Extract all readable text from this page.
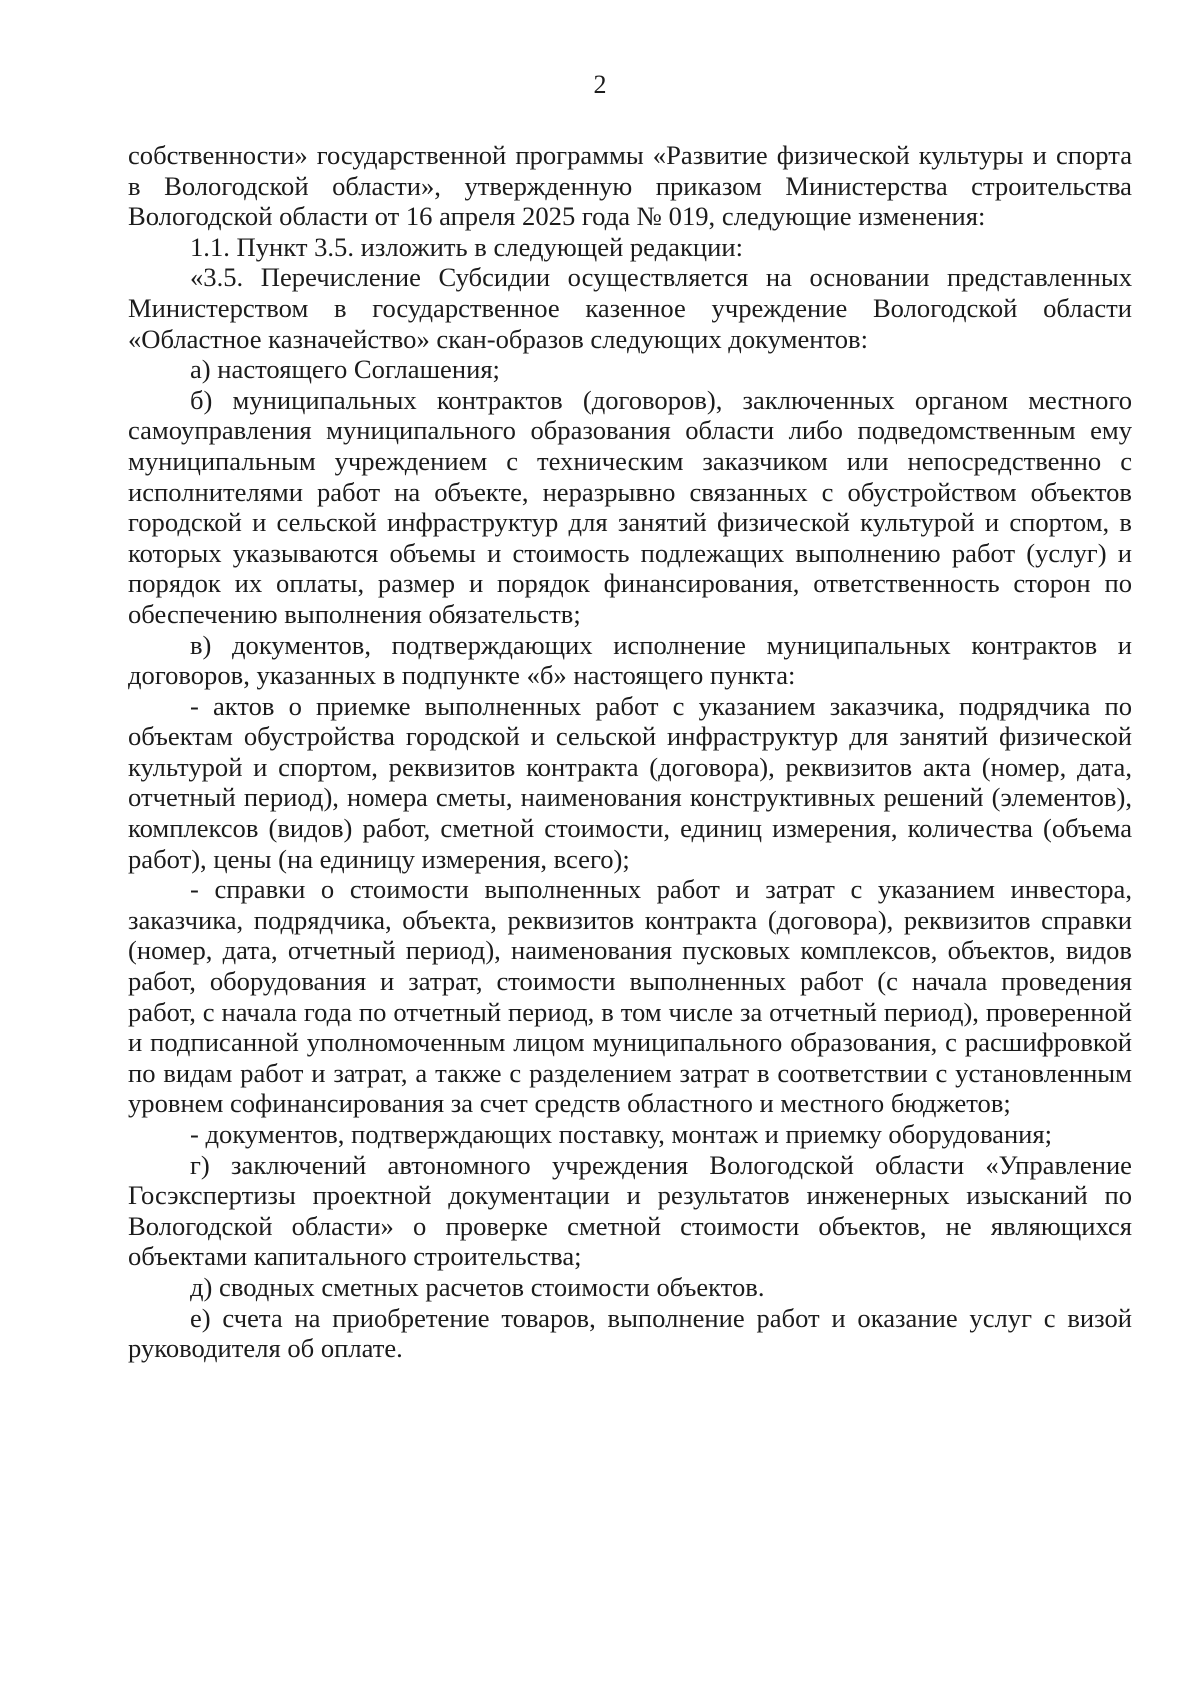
2

собственности» государственной программы «Развитие физической культуры и спорта в Вологодской области», утвержденную приказом Министерства строительства Вологодской области от 16 апреля 2025 года № 019, следующие изменения:

1.1. Пункт 3.5. изложить в следующей редакции:

«3.5. Перечисление Субсидии осуществляется на основании представленных Министерством в государственное казенное учреждение Вологодской области «Областное казначейство» скан-образов следующих документов:

а) настоящего Соглашения;

б) муниципальных контрактов (договоров), заключенных органом местного самоуправления муниципального образования области либо подведомственным ему муниципальным учреждением с техническим заказчиком или непосредственно с исполнителями работ на объекте, неразрывно связанных с обустройством объектов городской и сельской инфраструктур для занятий физической культурой и спортом, в которых указываются объемы и стоимость подлежащих выполнению работ (услуг) и порядок их оплаты, размер и порядок финансирования, ответственность сторон по обеспечению выполнения обязательств;

в) документов, подтверждающих исполнение муниципальных контрактов и договоров, указанных в подпункте «б» настоящего пункта:

- актов о приемке выполненных работ с указанием заказчика, подрядчика по объектам обустройства городской и сельской инфраструктур для занятий физической культурой и спортом, реквизитов контракта (договора), реквизитов акта (номер, дата, отчетный период), номера сметы, наименования конструктивных решений (элементов), комплексов (видов) работ, сметной стоимости, единиц измерения, количества (объема работ), цены (на единицу измерения, всего);

- справки о стоимости выполненных работ и затрат с указанием инвестора, заказчика, подрядчика, объекта, реквизитов контракта (договора), реквизитов справки (номер, дата, отчетный период), наименования пусковых комплексов, объектов, видов работ, оборудования и затрат, стоимости выполненных работ (с начала проведения работ, с начала года по отчетный период, в том числе за отчетный период), проверенной и подписанной уполномоченным лицом муниципального образования, с расшифровкой по видам работ и затрат, а также с разделением затрат в соответствии с установленным уровнем софинансирования за счет средств областного и местного бюджетов;

- документов, подтверждающих поставку, монтаж и приемку оборудования;

г) заключений автономного учреждения Вологодской области «Управление Госэкспертизы проектной документации и результатов инженерных изысканий по Вологодской области» о проверке сметной стоимости объектов, не являющихся объектами капитального строительства;

д) сводных сметных расчетов стоимости объектов.

е) счета на приобретение товаров, выполнение работ и оказание услуг с визой руководителя об оплате.
